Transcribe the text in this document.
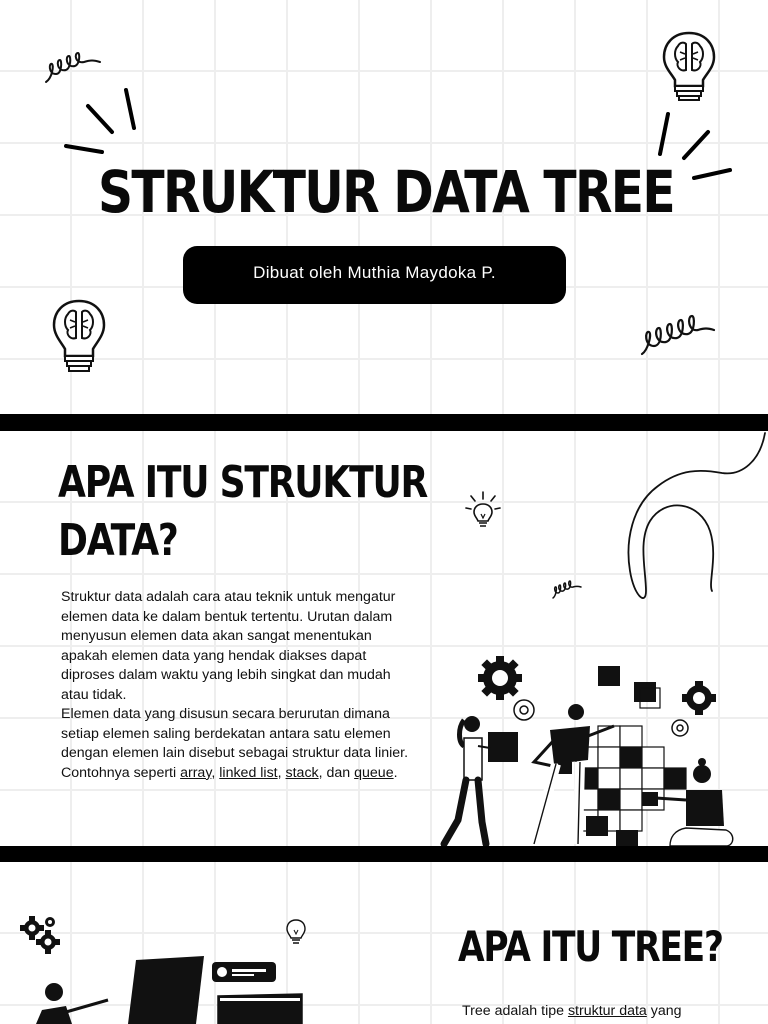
STRUKTUR DATA TREE
Dibuat oleh Muthia Maydoka P.
APA ITU STRUKTUR DATA?

Struktur data adalah cara atau teknik untuk mengatur elemen data ke dalam bentuk tertentu. Urutan dalam menyusun elemen data akan sangat menentukan apakah elemen data yang hendak diakses dapat diproses dalam waktu yang lebih singkat dan mudah atau tidak.

Elemen data yang disusun secara berurutan dimana setiap elemen saling berdekatan antara satu elemen dengan elemen lain disebut sebagai struktur data linier. Contohnya seperti array, linked list, stack, dan queue.

APA ITU TREE?
Tree adalah tipe struktur data yang
